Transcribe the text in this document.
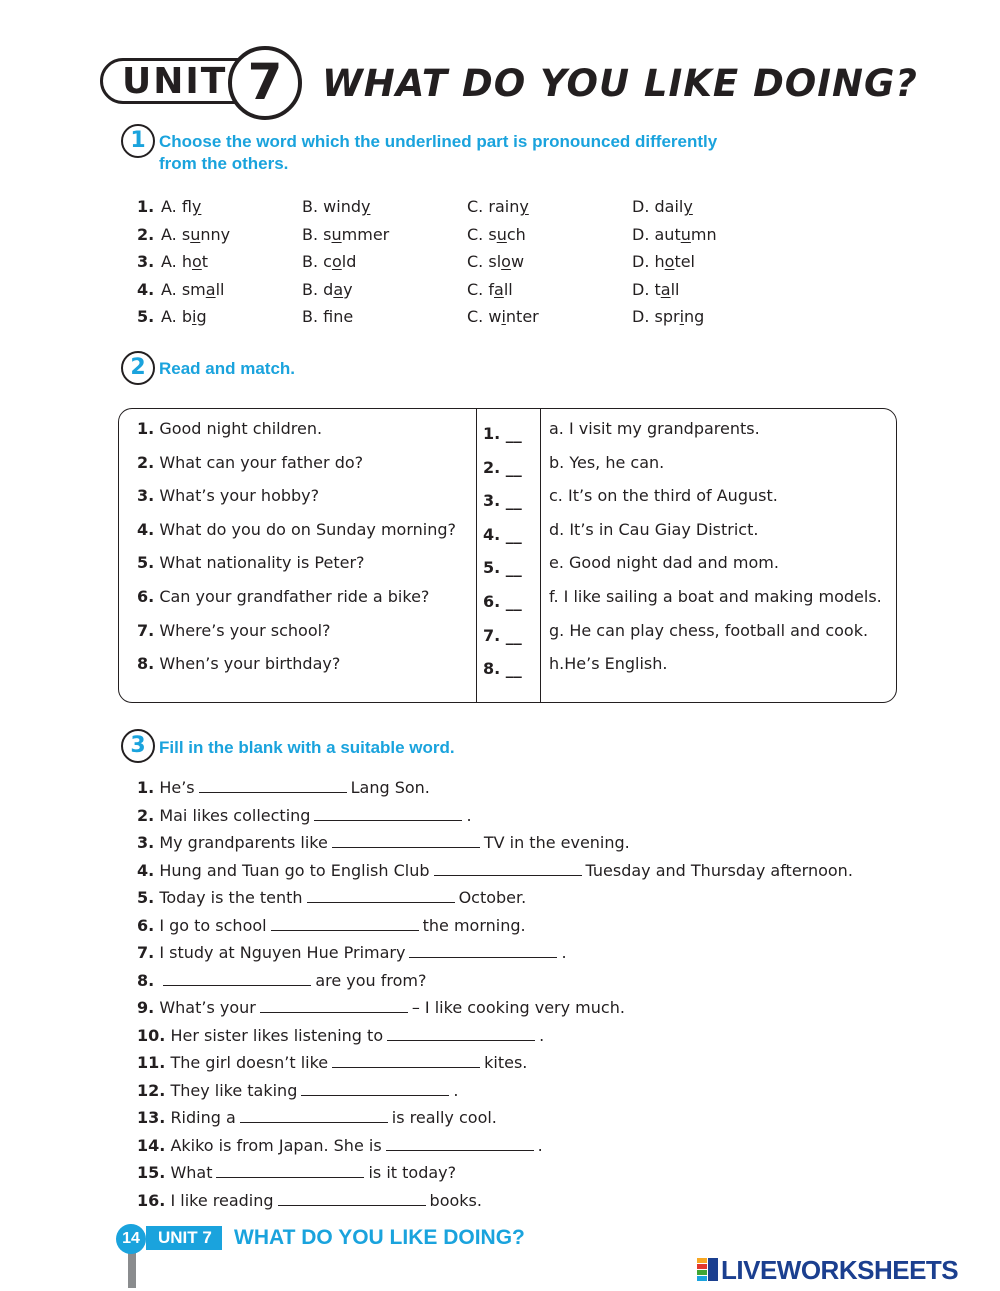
UNIT 7	WHAT DO YOU LIKE DOING?
1 Choose the word which the underlined part is pronounced differently
from the others.
1. A. fly	B. windy	C. rainy	D. daily
2. A. sunny	B. summer	C. such	D. autumn
3. A. hot	B. cold	C. slow	D. hotel
4. A. small	B. day	C. fall	D. tall
5. A. big	B. fne	C. winter	D. spring
2 Read and match.
1. Good night children.	1. __ a. I visit my grandparents.
2. What can your father do?	2. __ b. Yes, he can.
3. What’s your hobby?	3. __ c. It’s on the third of August.
4. What do you do on Sunday morning? 4. __ d. It’s in Cau Giay District.
5. What nationality is Peter?	5. __ e. Good night dad and mom.
6. Can your grandfather ride a bike?	6. __ f. I like sailing a boat and making models.
7. Where’s your school?	7. __ g. He can play chess, football and cook.
8. When’s your birthday?	8. __ h.He’s English.
3 Fill in the blank with a suitable word.
1. He’s	Lang Son.
2. Mai likes collecting	.
3. My grandparents like	TV in the evening.
4. Hung and Tuan go to English Club	Tuesday and Thursday afternoon.
5. Today is the tenth	October.
6. I go to school	the morning.
7. I study at Nguyen Hue Primary	.
8.	are you from?
9. What’s your	– I like cooking very much.
10. Her sister likes listening to	.
11. The girl doesn’t like	kites.
12. They like taking	.
13. Riding a	is really cool.
14. Akiko is from Japan. She is	.
15. What	is it today?
16. I like reading	books.
14	UNIT 7	WHAT DO YOU LIKE DOING?
LIVEWORKSHEETS
